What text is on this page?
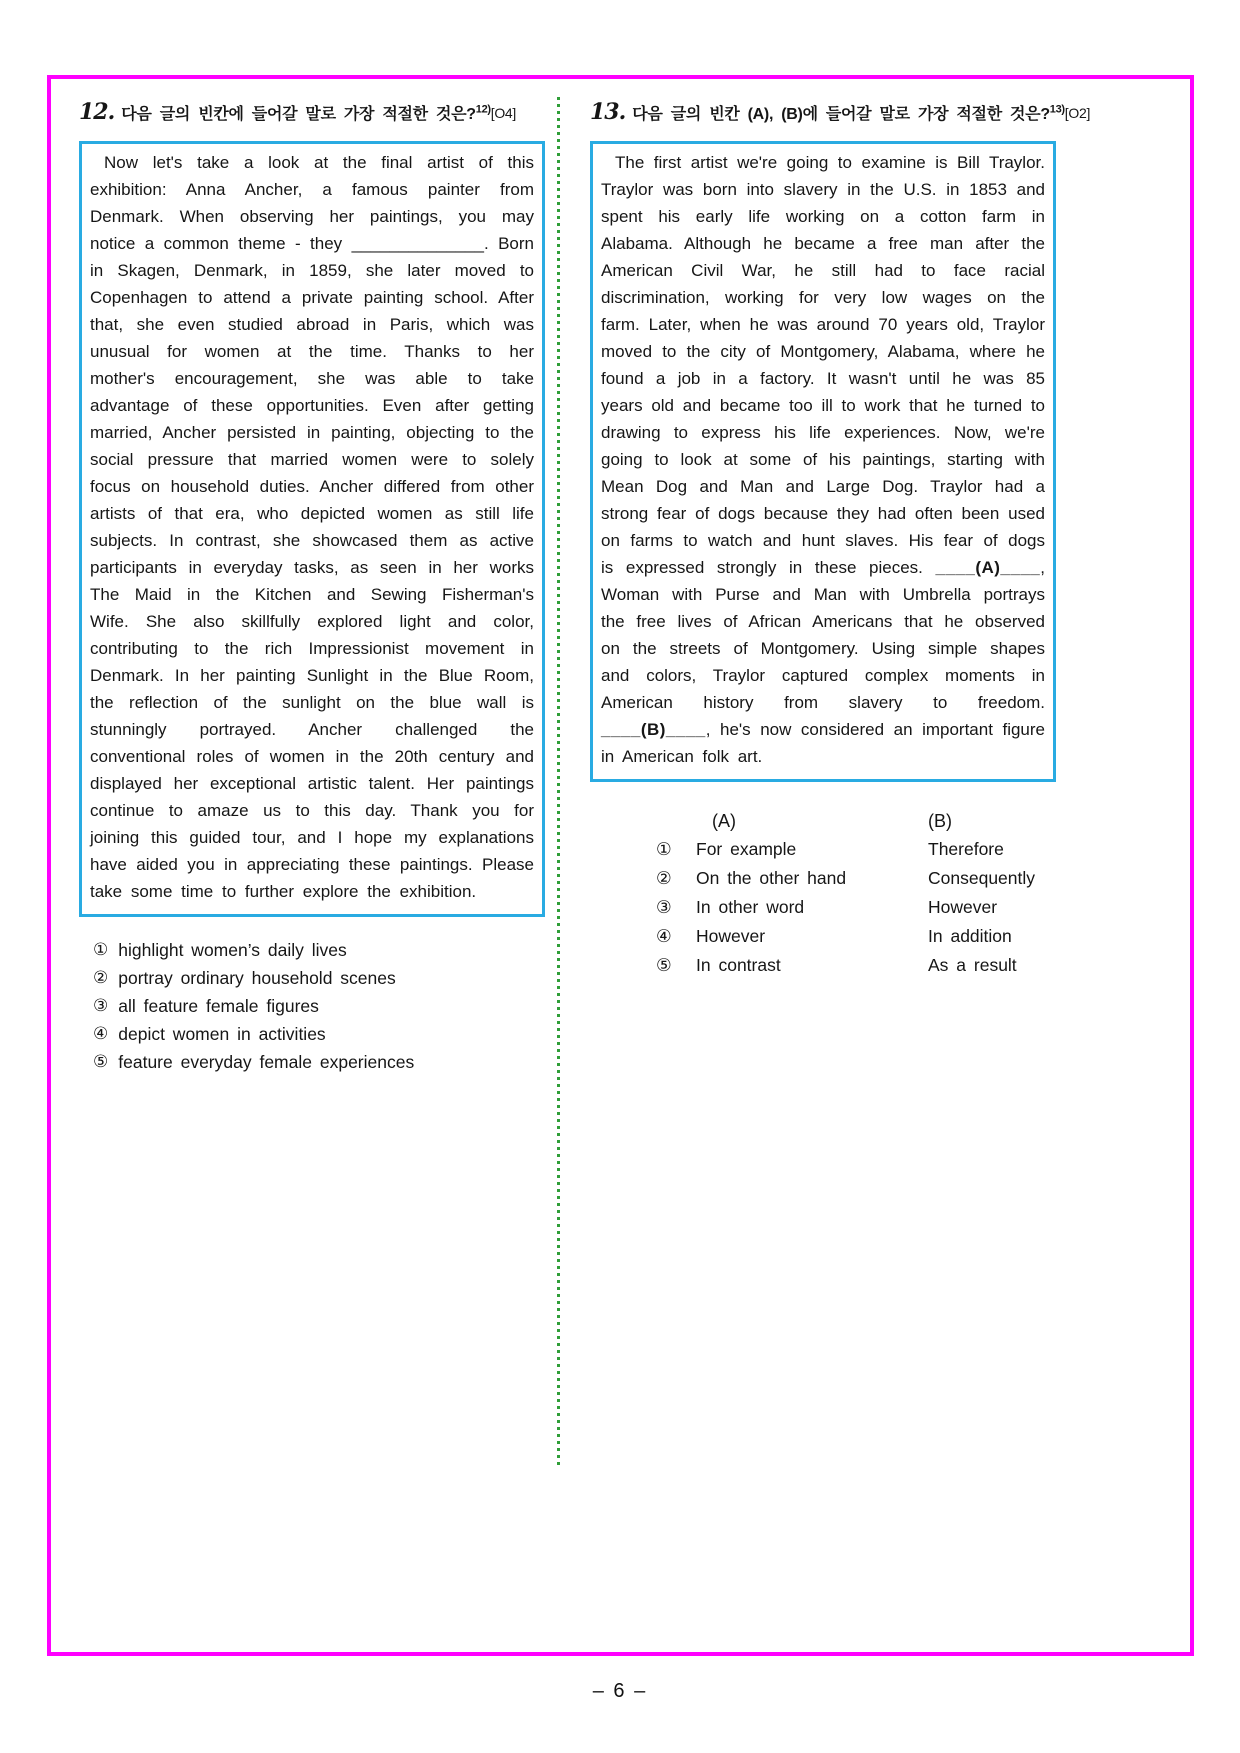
12. 다음 글의 빈칸에 들어갈 말로 가장 적절한 것은?$^{12)}$[O4]

Now let's take a look at the final artist of this exhibition: Anna Ancher, a famous painter from Denmark. When observing her paintings, you may notice a common theme - they ______________. Born in Skagen, Denmark, in 1859, she later moved to Copenhagen to attend a private painting school. After that, she even studied abroad in Paris, which was unusual for women at the time. Thanks to her mother's encouragement, she was able to take advantage of these opportunities. Even after getting married, Ancher persisted in painting, objecting to the social pressure that married women were to solely focus on household duties. Ancher differed from other artists of that era, who depicted women as still life subjects. In contrast, she showcased them as active participants in everyday tasks, as seen in her works The Maid in the Kitchen and Sewing Fisherman's Wife. She also skillfully explored light and color, contributing to the rich Impressionist movement in Denmark. In her painting Sunlight in the Blue Room, the reflection of the sunlight on the blue wall is stunningly portrayed. Ancher challenged the conventional roles of women in the 20th century and displayed her exceptional artistic talent. Her paintings continue to amaze us to this day. Thank you for joining this guided tour, and I hope my explanations have aided you in appreciating these paintings. Please take some time to further explore the exhibition.

① highlight women’s daily lives
② portray ordinary household scenes
③ all feature female figures
④ depict women in activities
⑤ feature everyday female experiences
13. 다음 글의 빈칸 (A), (B)에 들어갈 말로 가장 적절한 것은?$^{13)}$[O2]

The first artist we're going to examine is Bill Traylor. Traylor was born into slavery in the U.S. in 1853 and spent his early life working on a cotton farm in Alabama. Although he became a free man after the American Civil War, he still had to face racial discrimination, working for very low wages on the farm. Later, when he was around 70 years old, Traylor moved to the city of Montgomery, Alabama, where he found a job in a factory. It wasn't until he was 85 years old and became too ill to work that he turned to drawing to express his life experiences. Now, we're going to look at some of his paintings, starting with Mean Dog and Man and Large Dog. Traylor had a strong fear of dogs because they had often been used on farms to watch and hunt slaves. His fear of dogs is expressed strongly in these pieces. ____(A)____, Woman with Purse and Man with Umbrella portrays the free lives of African Americans that he observed on the streets of Montgomery. Using simple shapes and colors, Traylor captured complex moments in American history from slavery to freedom. ____(B)____, he's now considered an important figure in American folk art.

(A)	(B)
①	For example	Therefore
②	On the other hand	Consequently
③	In other word	However
④	However	In addition
⑤	In contrast	As a result
– 6 –
